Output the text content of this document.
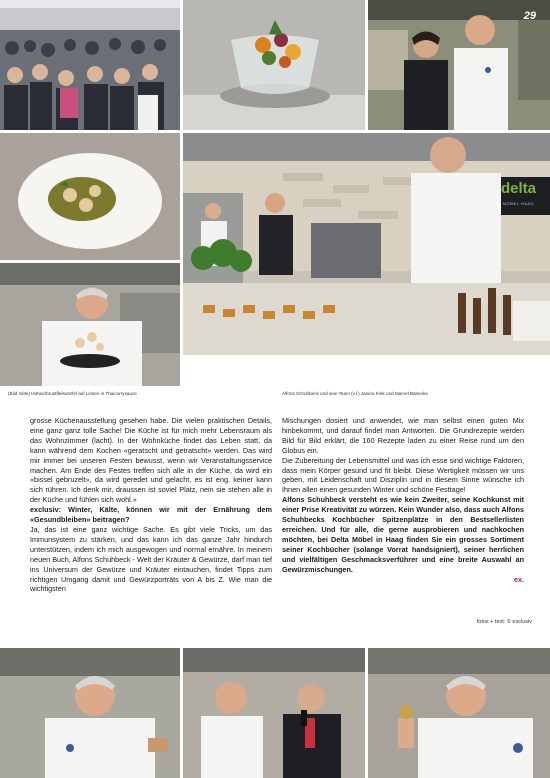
29
delta
MÖBEL HAAG
(Bild mitte) Hühnerbrustfleiswürfel auf Linsen in Thaicurrysauce	Alfons Schuhbeck und sein Team (v.l.) Janina Kink und Marcel Bänecke

grosse Küchenausstellung gesehen habe. Die vielen praktischen Details, eine ganz ganz tolle Sache! Die Küche ist für mich mehr Lebensraum als das Wohnzimmer (lacht). In der Wohnküche findet das Leben statt, da kann während dem Kochen «geratscht und getratscht» werden. Das wird mir immer bei unseren Festen bewusst, wenn wir Veranstaltungsservice machen. Am Ende des Festes treffen sich alle in der Küche, da wird ein «bissel gebruzelt», da wird geredet und gelacht, es ist eng, keiner kann sich rühren. Ich denk mir, draussen ist soviel Platz, nein sie stehen alle in der Küche und fühlen sich wohl.»

exclusiv: Winter, Kälte, können wir mit der Ernährung dem «Gesundbleiben» beitragen?

Ja, das ist eine ganz wichtige Sache. Es gibt viele Tricks, um das Immunsystem zu stärken, und das kann ich das ganze Jahr hindurch unterstützen, indem ich mich ausgewogen und normal ernähre. In meinem neuen Buch, Alfons Schuhbeck - Welt der Kräuter & Gewürze, darf man tief ins Universum der Gewürze und Kräuter eintauchen, findet Tipps zum richtigen Umgang damit und Gewürzporträts von A bis Z. Wie man die wichtigsten

Mischungen dosiert und anwendet, wie man selbst einen guten Mix hinbekommt, und darauf findet man Antworten. Die Grundrezepte werden Bild für Bild erklärt, die 160 Rezepte laden zu einer Reise rund um den Globus ein.

Die Zubereitung der Lebensmittel und was ich esse sind wichtige Faktoren, dass mein Körper gesund und fit bleibt. Diese Wertigkeit müssen wir uns geben, mit Leidenschaft und Disziplin und in diesem Sinne wünsche ich Ihnen allen einen gesunden Winter und schöne Festtage!

Alfons Schuhbeck versteht es wie kein Zweiter, seine Kochkunst mit einer Prise Kreativität zu würzen. Kein Wunder also, dass auch Alfons Schuhbecks Kochbücher Spitzenplätze in den Bestsellerlisten erreichen. Und für alle, die gerne ausprobieren und nachkochen möchten, bei Delta Möbel in Haag finden Sie ein grosses Sortiment seiner Kochbücher (solange Vorrat handsigniert), seiner herrlichen und vielfältigen Geschmacksverführer und eine breite Auswahl an Gewürzmischungen.

ex.

fotos + text: © exclusiv
